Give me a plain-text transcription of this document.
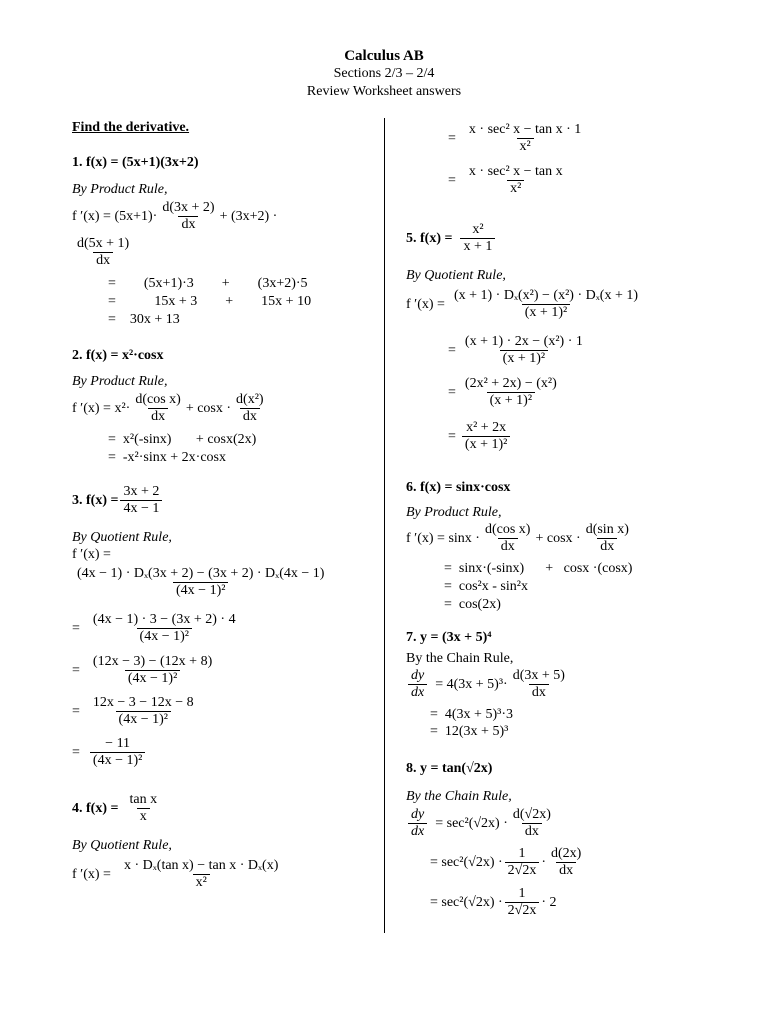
Calculus AB
Sections 2/3 – 2/4
Review Worksheet answers
Find the derivative.
1. f(x) = (5x+1)(3x+2)
By Product Rule,
f $'(x) = (5x+1)\cdot \frac{d(3x + 2)}{dx} + (3x+2)$ ·
$\frac{d(5x + 1)}{dx}$
=        (5x+1)·3        +        (3x+2)·5
=           15x + 3        +        15x + 10
=    30x + 13
2. f(x) = x²·cosx
By Product Rule,
f $'(x) = x^2\cdot \frac{\text{d(cos x)}}{dx} + \cos x \cdot \frac{\text{d(x²)}}{dx}$
=  x²(-sinx)       + cosx(2x)
=  -x²·sinx + 2x·cosx
3. $f(x) = \frac{3x + 2}{4x - 1}$
By Quotient Rule,
f ′(x) =
$\frac{\text{(4x − 1) · Dₓ(3x + 2) − (3x + 2) · Dₓ(4x − 1)}}{\text{(4x − 1)²}}$
= $\frac{(4x - 1) \cdot 3 - (3x + 2) \cdot 4}{\text{(4x − 1)²}}$
= $\frac{(12x - 3) - (12x + 8)}{\text{(4x − 1)²}}$
= $\frac{12x - 3 - 12x - 8}{\text{(4x − 1)²}}$
= $\frac{- 11}{\text{(4x − 1)²}}$
4. $f(x) = \frac{\text{tan x}}{x}$
By Quotient Rule,
f $'(x) = \frac{\text{x · Dₓ(tan x) − tan x · Dₓ(x)}}{\text{x²}}$
= $\frac{\text{x · sec² x − tan x · 1}}{\text{x²}}$
= $\frac{\text{x · sec² x − tan x}}{\text{x²}}$
5. $f(x) = \frac{\text{x²}}{x + 1}$
By Quotient Rule,
f $'(x) = \frac{\text{(x + 1) · Dₓ(x²) − (x²) · Dₓ(x + 1)}}{\text{(x + 1)²}}$
= $\frac{\text{(x + 1) · 2x − (x²) · 1}}{\text{(x + 1)²}}$
= $\frac{\text{(2x² + 2x) − (x²)}}{\text{(x + 1)²}}$
= $\frac{\text{x² + 2x}}{\text{(x + 1)²}}$
6. f(x) = sinx·cosx
By Product Rule,
f $'(x) = \sin x \cdot \frac{\text{d(cos x)}}{dx} + \cos x \cdot \frac{\text{d(sin x)}}{dx}$
=  sinx·(-sinx)      +   cosx ·(cosx)
=  cos²x - sin²x
=  cos(2x)
7. y = (3x + 5)⁴
By the Chain Rule,
$\frac{dy}{dx} = 4(3x + 5)^3\cdot \frac{d(3x + 5)}{dx}$
=  4(3x + 5)³·3
=  12(3x + 5)³
8. y = tan(√2x)
By the Chain Rule,
$\frac{dy}{dx} = \sec^2(√2x) \cdot \frac{d(√2x)}{dx}$
= $\sec^2(√2x) \cdot \frac{1}{2√2x} \cdot \frac{d(2x)}{dx}$
= $\sec^2(√2x) \cdot \frac{1}{2√2x} \cdot 2$
